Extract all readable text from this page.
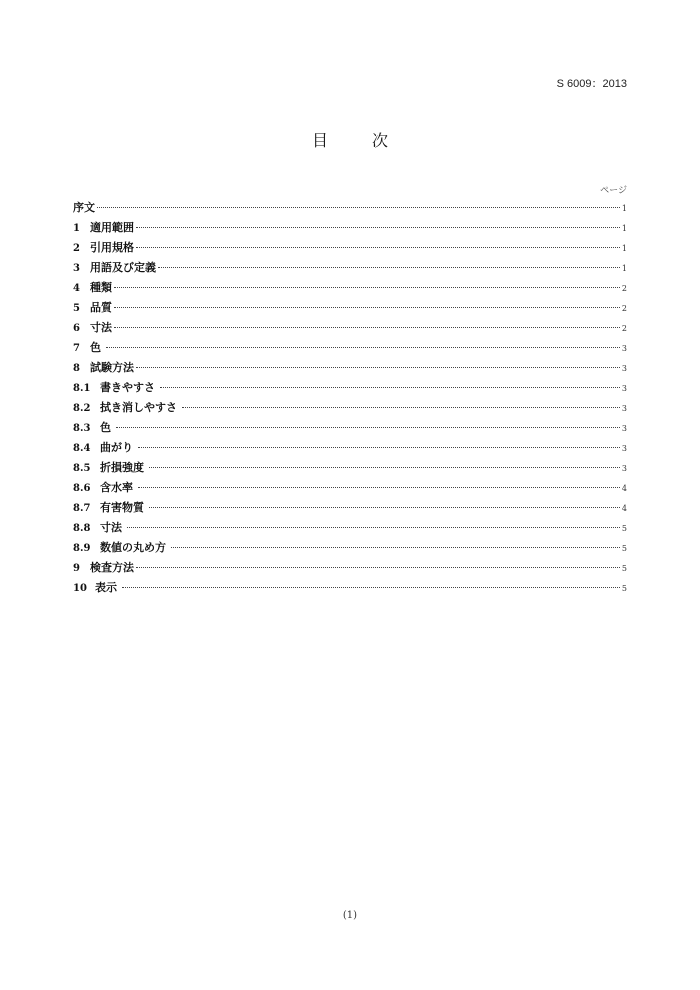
S 6009：2013
目　次
ページ
序文	1
1 適用範囲	1
2 引用規格	1
3 用語及び定義	1
4 種類	2
5 品質	2
6 寸法	2
7 色	3
8 試験方法	3
8.1 書きやすさ	3
8.2 拭き消しやすさ	3
8.3 色	3
8.4 曲がり	3
8.5 折損強度	3
8.6 含水率	4
8.7 有害物質	4
8.8 寸法	5
8.9 数値の丸め方	5
9 検査方法	5
10 表示	5
(1)
